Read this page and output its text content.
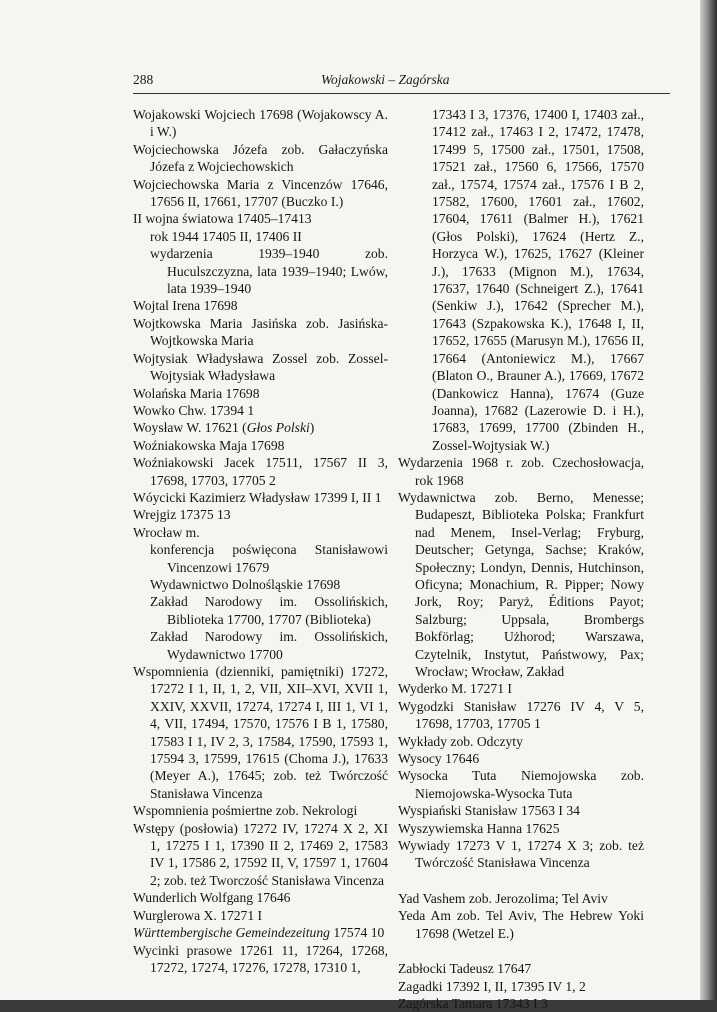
288	Wojakowski – Zagórska
Wojakowski Wojciech 17698 (Wojakowscy A. i W.)
Wojciechowska Józefa zob. Gałaczyńska Józefa z Wojciechowskich
Wojciechowska Maria z Vincenzów 17646, 17656 II, 17661, 17707 (Buczko I.)
II wojna światowa 17405–17413
rok 1944 17405 II, 17406 II
wydarzenia 1939–1940 zob. Huculszczyzna, lata 1939–1940; Lwów, lata 1939–1940
Wojtal Irena 17698
Wojtkowska Maria Jasińska zob. Jasińska-Wojtkowska Maria
Wojtysiak Władysława Zossel zob. Zossel-Wojtysiak Władysława
Wolańska Maria 17698
Wowko Chw. 17394 1
Woysław W. 17621 (Głos Polski)
Woźniakowska Maja 17698
Woźniakowski Jacek 17511, 17567 II 3, 17698, 17703, 17705 2
Wóycicki Kazimierz Władysław 17399 I, II 1
Wrejgiz 17375 13
Wrocław m.
konferencja poświęcona Stanisławowi Vincenzowi 17679
Wydawnictwo Dolnośląskie 17698
Zakład Narodowy im. Ossolińskich, Biblioteka 17700, 17707 (Biblioteka)
Zakład Narodowy im. Ossolińskich, Wydawnictwo 17700
Wspomnienia (dzienniki, pamiętniki) 17272, 17272 I 1, II, 1, 2, VII, XII–XVI, XVII 1, XXIV, XXVII, 17274, 17274 I, III 1, VI 1, 4, VII, 17494, 17570, 17576 I B 1, 17580, 17583 I 1, IV 2, 3, 17584, 17590, 17593 1, 17594 3, 17599, 17615 (Choma J.), 17633 (Meyer A.), 17645; zob. też Twórczość Stanisława Vincenza
Wspomnienia pośmiertne zob. Nekrologi
Wstępy (posłowia) 17272 IV, 17274 X 2, XI 1, 17275 I 1, 17390 II 2, 17469 2, 17583 IV 1, 17586 2, 17592 II, V, 17597 1, 17604 2; zob. też Tworczość Stanisława Vincenza
Wunderlich Wolfgang 17646
Wurglerowa X. 17271 I
Württembergische Gemeindezeitung 17574 10
Wycinki prasowe 17261 11, 17264, 17268, 17272, 17274, 17276, 17278, 17310 1,
17343 I 3, 17376, 17400 I, 17403 zał., 17412 zał., 17463 I 2, 17472, 17478, 17499 5, 17500 zał., 17501, 17508, 17521 zał., 17560 6, 17566, 17570 zał., 17574, 17574 zał., 17576 I B 2, 17582, 17600, 17601 zał., 17602, 17604, 17611 (Balmer H.), 17621 (Głos Polski), 17624 (Hertz Z., Horzyca W.), 17625, 17627 (Kleiner J.), 17633 (Mignon M.), 17634, 17637, 17640 (Schneigert Z.), 17641 (Senkiw J.), 17642 (Sprecher M.), 17643 (Szpakowska K.), 17648 I, II, 17652, 17655 (Marusyn M.), 17656 II, 17664 (Antoniewicz M.), 17667 (Blaton O., Brauner A.), 17669, 17672 (Dankowicz Hanna), 17674 (Guze Joanna), 17682 (Lazerowie D. i H.), 17683, 17699, 17700 (Zbinden H., Zossel-Wojtysiak W.)
Wydarzenia 1968 r. zob. Czechosłowacja, rok 1968
Wydawnictwa zob. Berno, Menesse; Budapeszt, Biblioteka Polska; Frankfurt nad Menem, Insel-Verlag; Fryburg, Deutscher; Getynga, Sachse; Kraków, Społeczny; Londyn, Dennis, Hutchinson, Oficyna; Monachium, R. Pipper; Nowy Jork, Roy; Paryż, Éditions Payot; Salzburg; Uppsala, Brombergs Bokförlag; Użhorod; Warszawa, Czytelnik, Instytut, Państwowy, Pax; Wrocław; Wrocław, Zakład
Wyderko M. 17271 I
Wygodzki Stanisław 17276 IV 4, V 5, 17698, 17703, 17705 1
Wykłady zob. Odczyty
Wysocy 17646
Wysocka Tuta Niemojowska zob. Niemojowska-Wysocka Tuta
Wyspiański Stanisław 17563 I 34
Wyszywiemska Hanna 17625
Wywiady 17273 V 1, 17274 X 3; zob. też Twórczość Stanisława Vincenza
Yad Vashem zob. Jerozolima; Tel Aviv
Yeda Am zob. Tel Aviv, The Hebrew Yoki 17698 (Wetzel E.)
Zabłocki Tadeusz 17647
Zagadki 17392 I, II, 17395 IV 1, 2
Zagórska Tamara 17343 I 3
